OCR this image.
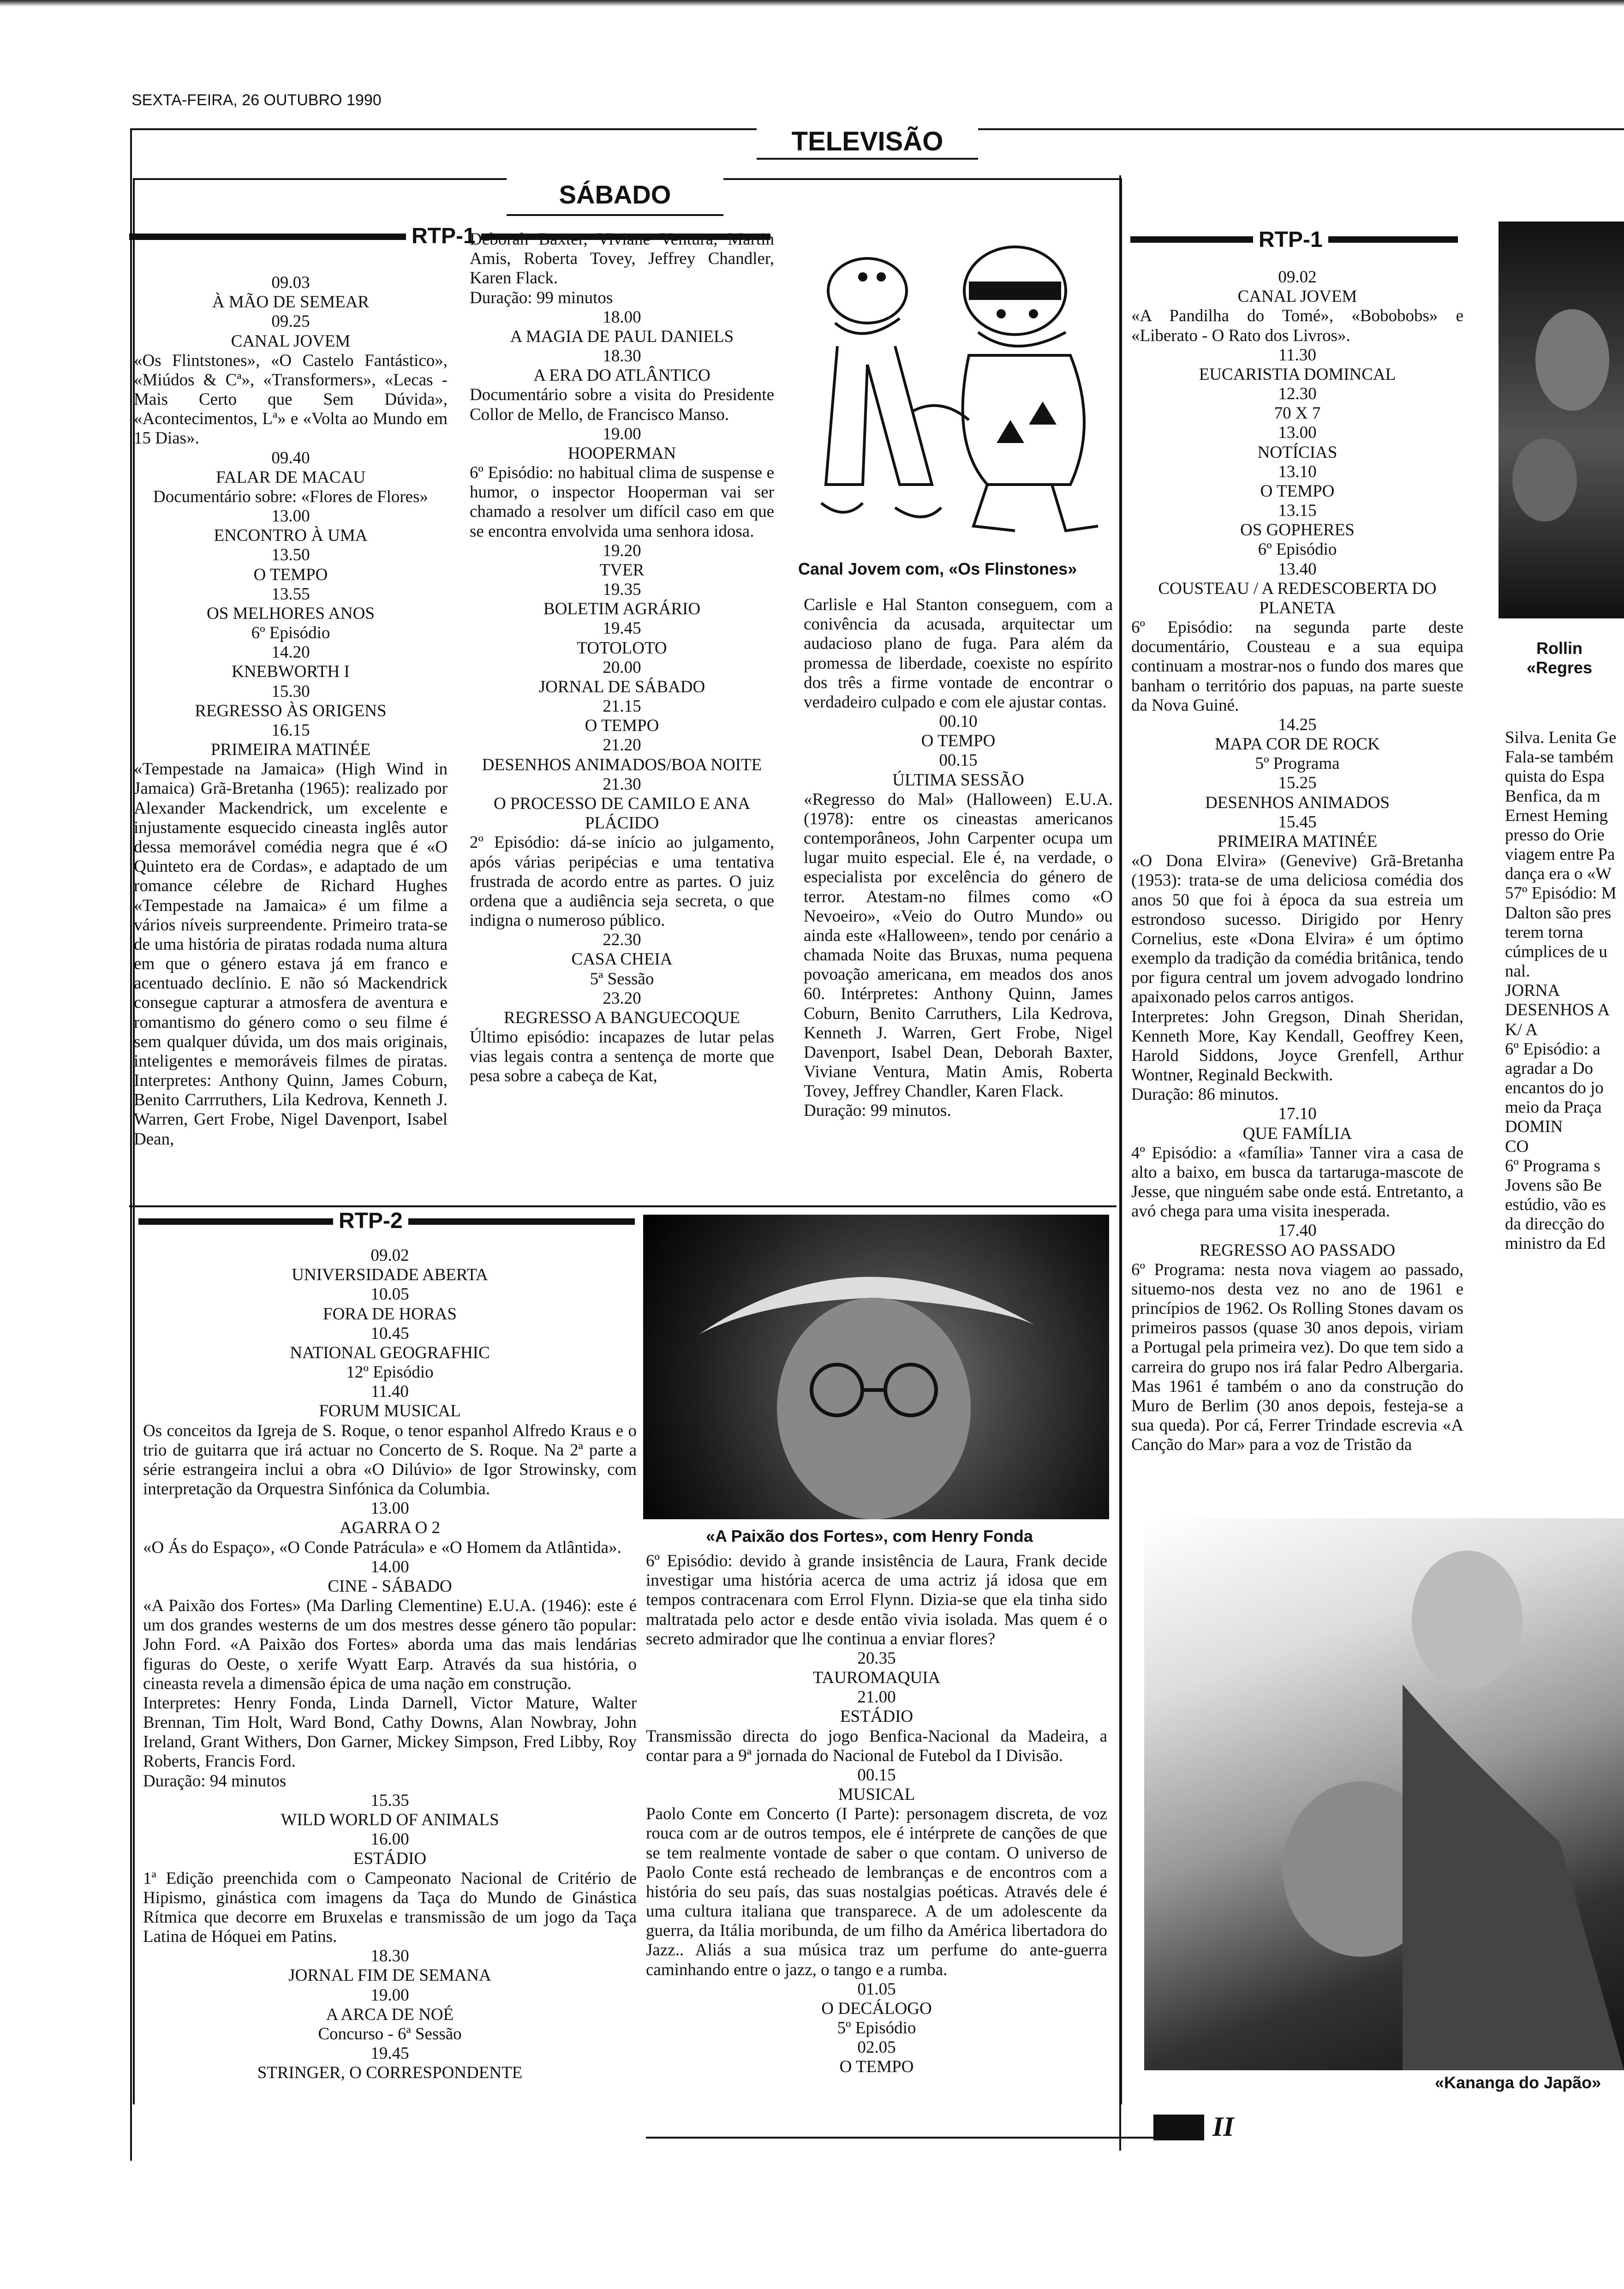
SEXTA-FEIRA, 26 OUTUBRO 1990
TELEVISÃO
SÁBADO
RTP-1

09.03
À MÃO DE SEMEAR
09.25
CANAL JOVEM

«Os Flintstones», «O Castelo Fantástico», «Miúdos & Cª», «Transformers», «Lecas - Mais Certo que Sem Dúvida», «Acontecimentos, Lª» e «Volta ao Mundo em 15 Dias».

09.40
FALAR DE MACAU
Documentário sobre: «Flores de Flores»
13.00
ENCONTRO À UMA
13.50
O TEMPO
13.55
OS MELHORES ANOS
6º Episódio
14.20
KNEBWORTH I
15.30
REGRESSO ÀS ORIGENS
16.15
PRIMEIRA MATINÉE

«Tempestade na Jamaica» (High Wind in Jamaica) Grã-Bretanha (1965): realizado por Alexander Mackendrick, um excelente e injustamente esquecido cineasta inglês autor dessa memorável comédia negra que é «O Quinteto era de Cordas», e adaptado de um romance célebre de Richard Hughes «Tempestade na Jamaica» é um filme a vários níveis surpreendente. Primeiro trata-se de uma história de piratas rodada numa altura em que o género estava já em franco e acentuado declínio. E não só Mackendrick consegue capturar a atmosfera de aventura e romantismo do género como o seu filme é sem qualquer dúvida, um dos mais originais, inteligentes e memoráveis filmes de piratas. Interpretes: Anthony Quinn, James Coburn, Benito Carrruthers, Lila Kedrova, Kenneth J. Warren, Gert Frobe, Nigel Davenport, Isabel Dean,

Deborah Baxter, Viviane Ventura, Martin Amis, Roberta Tovey, Jeffrey Chandler, Karen Flack.
Duração: 99 minutos

18.00
A MAGIA DE PAUL DANIELS
18.30
A ERA DO ATLÂNTICO

Documentário sobre a visita do Presidente Collor de Mello, de Francisco Manso.

19.00
HOOPERMAN

6º Episódio: no habitual clima de suspense e humor, o inspector Hooperman vai ser chamado a resolver um difícil caso em que se encontra envolvida uma senhora idosa.

19.20
TVER
19.35
BOLETIM AGRÁRIO
19.45
TOTOLOTO
20.00
JORNAL DE SÁBADO
21.15
O TEMPO
21.20
DESENHOS ANIMADOS/BOA NOITE
21.30
O PROCESSO DE CAMILO E ANA PLÁCIDO

2º Episódio: dá-se início ao julgamento, após várias peripécias e uma tentativa frustrada de acordo entre as partes. O juiz ordena que a audiência seja secreta, o que indigna o numeroso público.

22.30
CASA CHEIA
5ª Sessão
23.20
REGRESSO A BANGUECOQUE

Último episódio: incapazes de lutar pelas vias legais contra a sentença de morte que pesa sobre a cabeça de Kat,

Canal Jovem com, «Os Flinstones»

Carlisle e Hal Stanton conseguem, com a conivência da acusada, arquitectar um audacioso plano de fuga. Para além da promessa de liberdade, coexiste no espírito dos três a firme vontade de encontrar o verdadeiro culpado e com ele ajustar contas.

00.10
O TEMPO
00.15
ÚLTIMA SESSÃO

«Regresso do Mal» (Halloween) E.U.A. (1978): entre os cineastas americanos contemporâneos, John Carpenter ocupa um lugar muito especial. Ele é, na verdade, o especialista por excelência do género de terror. Atestam-no filmes como «O Nevoeiro», «Veio do Outro Mundo» ou ainda este «Halloween», tendo por cenário a chamada Noite das Bruxas, numa pequena povoação americana, em meados dos anos 60. Intérpretes: Anthony Quinn, James Coburn, Benito Carruthers, Lila Kedrova, Kenneth J. Warren, Gert Frobe, Nigel Davenport, Isabel Dean, Deborah Baxter, Viviane Ventura, Matin Amis, Roberta Tovey, Jeffrey Chandler, Karen Flack.
Duração: 99 minutos.

RTP-2

09.02
UNIVERSIDADE ABERTA
10.05
FORA DE HORAS
10.45
NATIONAL GEOGRAFHIC
12º Episódio
11.40
FORUM MUSICAL

Os conceitos da Igreja de S. Roque, o tenor espanhol Alfredo Kraus e o trio de guitarra que irá actuar no Concerto de S. Roque. Na 2ª parte a série estrangeira inclui a obra «O Dilúvio» de Igor Strowinsky, com interpretação da Orquestra Sinfónica da Columbia.

13.00
AGARRA O 2

«O Ás do Espaço», «O Conde Patrácula» e «O Homem da Atlântida».

14.00
CINE - SÁBADO

«A Paixão dos Fortes» (Ma Darling Clementine) E.U.A. (1946): este é um dos grandes westerns de um dos mestres desse género tão popular: John Ford. «A Paixão dos Fortes» aborda uma das mais lendárias figuras do Oeste, o xerife Wyatt Earp. Através da sua história, o cineasta revela a dimensão épica de uma nação em construção.
Interpretes: Henry Fonda, Linda Darnell, Victor Mature, Walter Brennan, Tim Holt, Ward Bond, Cathy Downs, Alan Nowbray, John Ireland, Grant Withers, Don Garner, Mickey Simpson, Fred Libby, Roy Roberts, Francis Ford.
Duração: 94 minutos

15.35
WILD WORLD OF ANIMALS
16.00
ESTÁDIO

1ª Edição preenchida com o Campeonato Nacional de Critério de Hipismo, ginástica com imagens da Taça do Mundo de Ginástica Rítmica que decorre em Bruxelas e transmissão de um jogo da Taça Latina de Hóquei em Patins.

18.30
JORNAL FIM DE SEMANA
19.00
A ARCA DE NOÉ
Concurso - 6ª Sessão
19.45
STRINGER, O CORRESPONDENTE

«A Paixão dos Fortes», com Henry Fonda

6º Episódio: devido à grande insistência de Laura, Frank decide investigar uma história acerca de uma actriz já idosa que em tempos contracenara com Errol Flynn. Dizia-se que ela tinha sido maltratada pelo actor e desde então vivia isolada. Mas quem é o secreto admirador que lhe continua a enviar flores?

20.35
TAUROMAQUIA
21.00
ESTÁDIO

Transmissão directa do jogo Benfica-Nacional da Madeira, a contar para a 9ª jornada do Nacional de Futebol da I Divisão.

00.15
MUSICAL

Paolo Conte em Concerto (I Parte): personagem discreta, de voz rouca com ar de outros tempos, ele é intérprete de canções de que se tem realmente vontade de saber o que contam. O universo de Paolo Conte está recheado de lembranças e de encontros com a história do seu país, das suas nostalgias poéticas. Através dele é uma cultura italiana que transparece. A de um adolescente da guerra, da Itália moribunda, de um filho da América libertadora do Jazz.. Aliás a sua música traz um perfume do ante-guerra caminhando entre o jazz, o tango e a rumba.

01.05
O DECÁLOGO
5º Episódio
02.05
O TEMPO

RTP-1

09.02
CANAL JOVEM

«A Pandilha do Tomé», «Bobobobs» e «Liberato - O Rato dos Livros».

11.30
EUCARISTIA DOMINCAL
12.30
70 X 7
13.00
NOTÍCIAS
13.10
O TEMPO
13.15
OS GOPHERES
6º Episódio
13.40
COUSTEAU / A REDESCOBERTA DO PLANETA

6º Episódio: na segunda parte deste documentário, Cousteau e a sua equipa continuam a mostrar-nos o fundo dos mares que banham o território dos papuas, na parte sueste da Nova Guiné.

14.25
MAPA COR DE ROCK
5º Programa
15.25
DESENHOS ANIMADOS
15.45
PRIMEIRA MATINÉE

«O Dona Elvira» (Genevive) Grã-Bretanha (1953): trata-se de uma deliciosa comédia dos anos 50 que foi à época da sua estreia um estrondoso sucesso. Dirigido por Henry Cornelius, este «Dona Elvira» é um óptimo exemplo da tradição da comédia britânica, tendo por figura central um jovem advogado londrino apaixonado pelos carros antigos.
Interpretes: John Gregson, Dinah Sheridan, Kenneth More, Kay Kendall, Geoffrey Keen, Harold Siddons, Joyce Grenfell, Arthur Wontner, Reginald Beckwith.
Duração: 86 minutos.

17.10
QUE FAMÍLIA

4º Episódio: a «família» Tanner vira a casa de alto a baixo, em busca da tartaruga-mascote de Jesse, que ninguém sabe onde está. Entretanto, a avó chega para uma visita inesperada.

17.40
REGRESSO AO PASSADO

6º Programa: nesta nova viagem ao passado, situemo-nos desta vez no ano de 1961 e princípios de 1962. Os Rolling Stones davam os primeiros passos (quase 30 anos depois, viriam a Portugal pela primeira vez). Do que tem sido a carreira do grupo nos irá falar Pedro Albergaria. Mas 1961 é também o ano da construção do Muro de Berlim (30 anos depois, festeja-se a sua queda). Por cá, Ferrer Trindade escrevia «A Canção do Mar» para a voz de Tristão da

Rollin
«Regres
Silva. Lenita Ge
Fala-se também
quista do Espa
Benfica, da m
Ernest Heming
presso do Orie
viagem entre Pa
dança era o «W
57º Episódio: M
Dalton são pres
terem torna
cúmplices de u
nal.
JORNA
DESENHOS A
K/ A
6º Episódio: a
agradar a Do
encantos do jo
meio da Praça
DOMIN
CO
6º Programa s
Jovens são Be
estúdio, vão es
da direcção do
ministro da Ed
«Kananga do Japão»
II
